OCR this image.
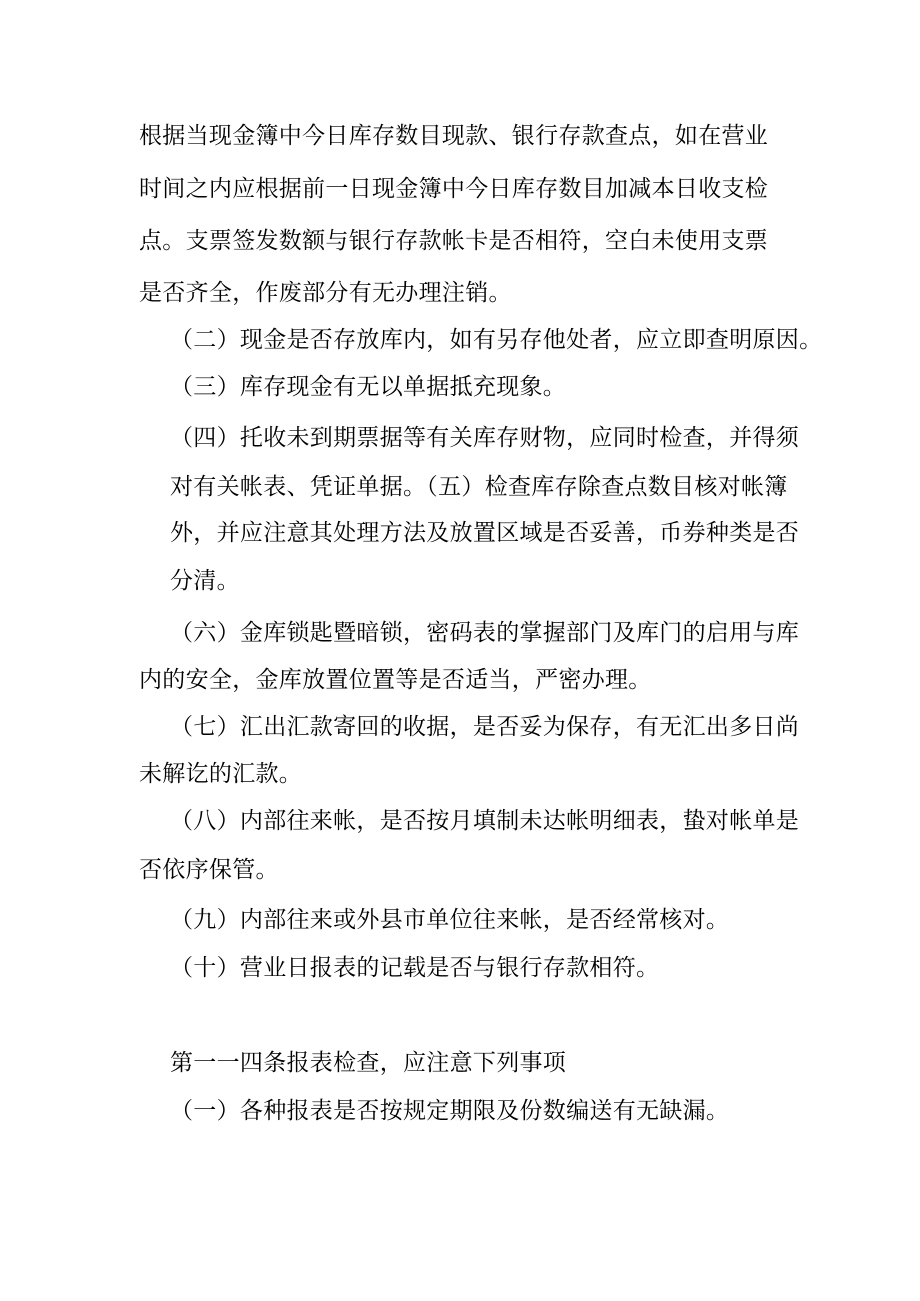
根据当现金簿中今日库存数目现款、银行存款查点，如在营业

时间之内应根据前一日现金簿中今日库存数目加减本日收支检

点。支票签发数额与银行存款帐卡是否相符，空白未使用支票

是否齐全，作废部分有无办理注销。

（二）现金是否存放库内，如有另存他处者，应立即查明原因。

（三）库存现金有无以单据抵充现象。

（四）托收未到期票据等有关库存财物，应同时检查，并得须

对有关帐表、凭证单据。（五）检查库存除查点数目核对帐簿

外，并应注意其处理方法及放置区域是否妥善，币券种类是否

分清。

（六）金库锁匙暨暗锁，密码表的掌握部门及库门的启用与库

内的安全，金库放置位置等是否适当，严密办理。

（七）汇出汇款寄回的收据，是否妥为保存，有无汇出多日尚

未解讫的汇款。

（八）内部往来帐，是否按月填制未达帐明细表，蛰对帐单是

否依序保管。

（九）内部往来或外县市单位往来帐，是否经常核对。

（十）营业日报表的记载是否与银行存款相符。

第一一四条报表检查，应注意下列事项

（一）各种报表是否按规定期限及份数编送有无缺漏。
